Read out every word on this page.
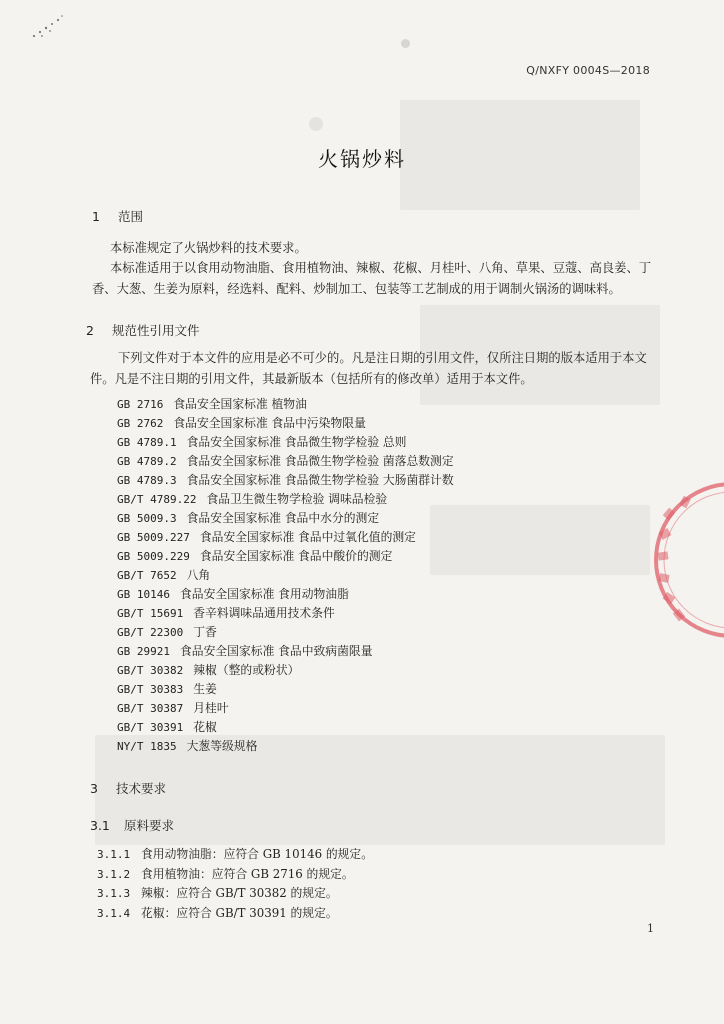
Q/NXFY 0004S—2018
火锅炒料
1 范围
本标准规定了火锅炒料的技术要求。
本标准适用于以食用动物油脂、食用植物油、辣椒、花椒、月桂叶、八角、草果、豆蔻、高良姜、丁香、大葱、生姜为原料，经选料、配料、炒制加工、包装等工艺制成的用于调制火锅汤的调味料。
2 规范性引用文件
下列文件对于本文件的应用是必不可少的。凡是注日期的引用文件，仅所注日期的版本适用于本文件。凡是不注日期的引用文件，其最新版本（包括所有的修改单）适用于本文件。
GB 2716 食品安全国家标准 植物油
GB 2762 食品安全国家标准 食品中污染物限量
GB 4789.1 食品安全国家标准 食品微生物学检验 总则
GB 4789.2 食品安全国家标准 食品微生物学检验 菌落总数测定
GB 4789.3 食品安全国家标准 食品微生物学检验 大肠菌群计数
GB/T 4789.22 食品卫生微生物学检验 调味品检验
GB 5009.3 食品安全国家标准 食品中水分的测定
GB 5009.227 食品安全国家标准 食品中过氧化值的测定
GB 5009.229 食品安全国家标准 食品中酸价的测定
GB/T 7652 八角
GB 10146 食品安全国家标准 食用动物油脂
GB/T 15691 香辛料调味品通用技术条件
GB/T 22300 丁香
GB 29921 食品安全国家标准 食品中致病菌限量
GB/T 30382 辣椒（整的或粉状）
GB/T 30383 生姜
GB/T 30387 月桂叶
GB/T 30391 花椒
NY/T 1835 大葱等级规格
3 技术要求
3.1 原料要求
3.1.1 食用动物油脂：应符合 GB 10146 的规定。
3.1.2 食用植物油：应符合 GB 2716 的规定。
3.1.3 辣椒：应符合 GB/T 30382 的规定。
3.1.4 花椒：应符合 GB/T 30391 的规定。
1
